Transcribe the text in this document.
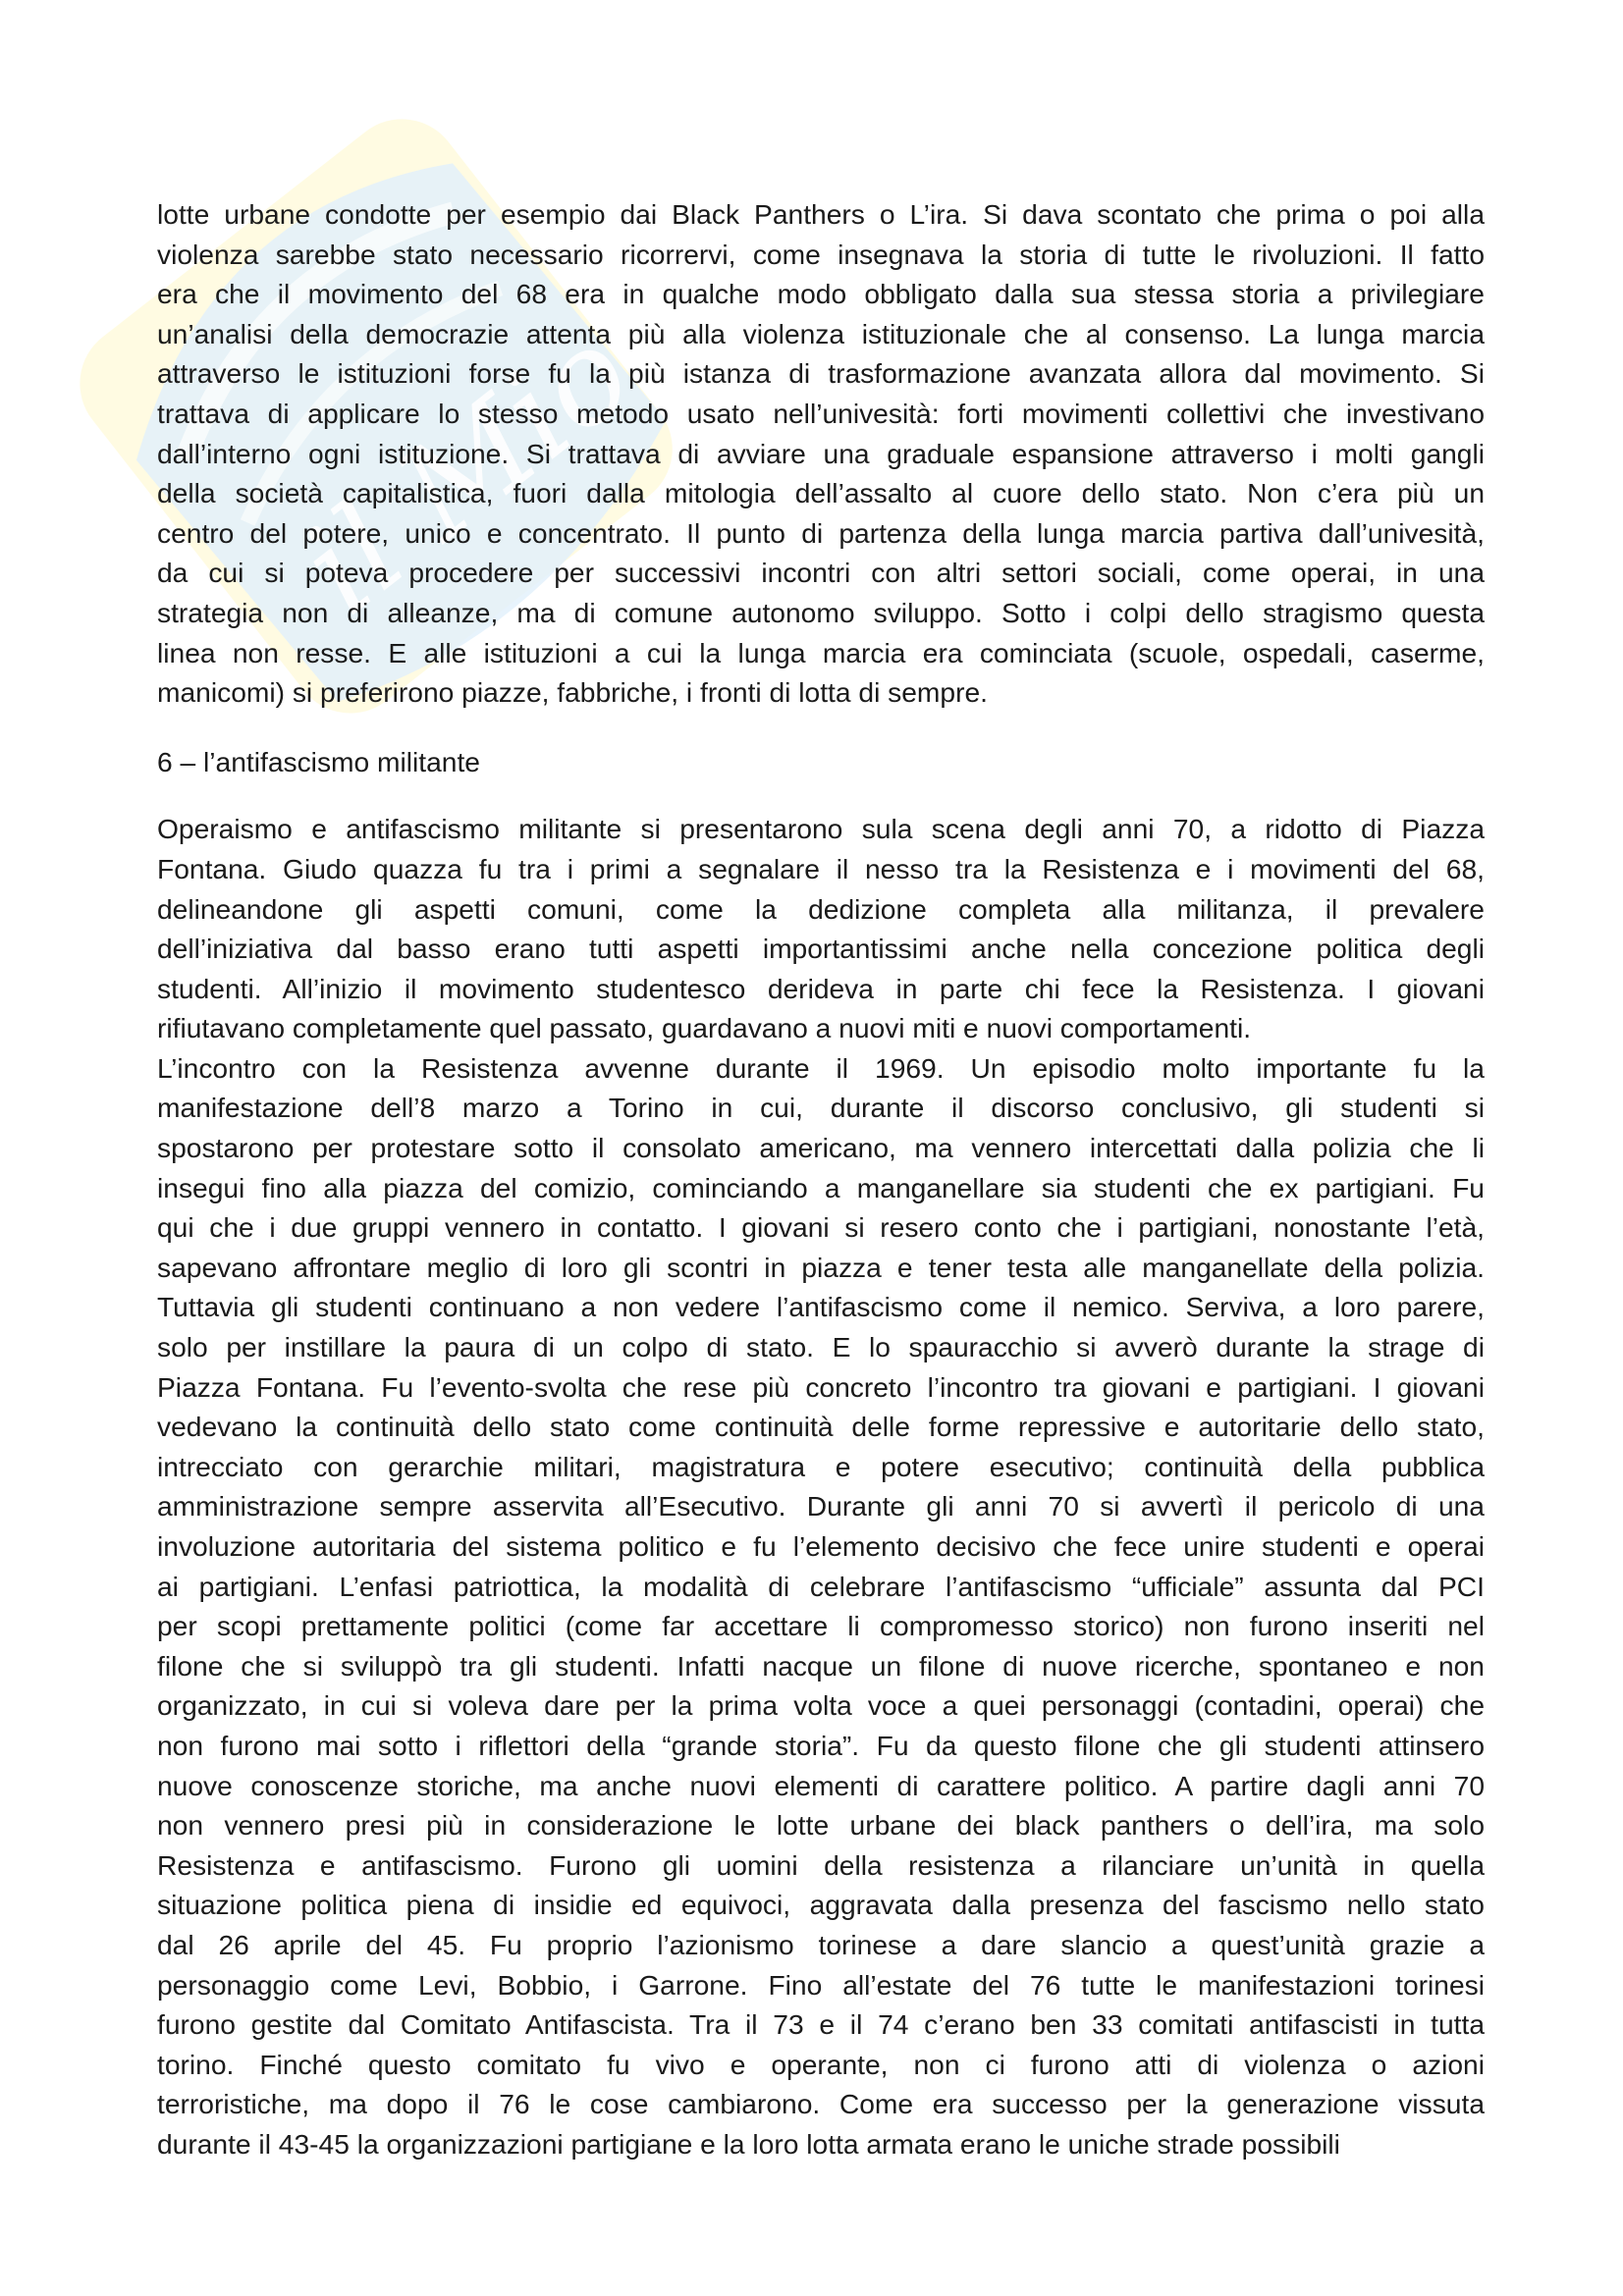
il Mio

lotte urbane condotte per esempio dai Black Panthers o L’ira. Si dava scontato che prima o poi alla
violenza sarebbe stato necessario ricorrervi, come insegnava la storia di tutte le rivoluzioni. Il fatto
era che il movimento del 68 era in qualche modo obbligato dalla sua stessa storia a privilegiare
un’analisi della democrazie attenta più alla violenza istituzionale che al consenso. La lunga marcia
attraverso le istituzioni forse fu la più istanza di trasformazione avanzata allora dal movimento. Si
trattava di applicare lo stesso metodo usato nell’univesità: forti movimenti collettivi che investivano
dall’interno ogni istituzione. Si trattava di avviare una graduale espansione attraverso i molti gangli
della società capitalistica, fuori dalla mitologia dell’assalto al cuore dello stato. Non c’era più un
centro del potere, unico e concentrato. Il punto di partenza della lunga marcia partiva dall’univesità,
da cui si poteva procedere per successivi incontri con altri settori sociali, come operai, in una
strategia non di alleanze, ma di comune autonomo sviluppo. Sotto i colpi dello stragismo questa
linea non resse. E alle istituzioni a cui la lunga marcia era cominciata (scuole, ospedali, caserme,
manicomi) si preferirono piazze, fabbriche, i fronti di lotta di sempre.

6 – l’antifascismo militante

Operaismo e antifascismo militante si presentarono sula scena degli anni 70, a ridotto di Piazza
Fontana. Giudo quazza fu tra i primi a segnalare il nesso tra la Resistenza e i movimenti del 68,
delineandone gli aspetti comuni, come la dedizione completa alla militanza, il prevalere
dell’iniziativa dal basso erano tutti aspetti importantissimi anche nella concezione politica degli
studenti. All’inizio il movimento studentesco derideva in parte chi fece la Resistenza. I giovani
rifiutavano completamente quel passato, guardavano a nuovi miti e nuovi comportamenti.
L’incontro con la Resistenza avvenne durante il 1969. Un episodio molto importante fu la
manifestazione dell’8 marzo a Torino in cui, durante il discorso conclusivo, gli studenti si
spostarono per protestare sotto il consolato americano, ma vennero intercettati dalla polizia che li
insegui fino alla piazza del comizio, cominciando a manganellare sia studenti che ex partigiani. Fu
qui che i due gruppi vennero in contatto. I giovani si resero conto che i partigiani, nonostante l’età,
sapevano affrontare meglio di loro gli scontri in piazza e tener testa alle manganellate della polizia.
Tuttavia gli studenti continuano a non vedere l’antifascismo come il nemico. Serviva, a loro parere,
solo per instillare la paura di un colpo di stato. E lo spauracchio si avverò durante la strage di
Piazza Fontana. Fu l’evento-svolta che rese più concreto l’incontro tra giovani e partigiani. I giovani
vedevano la continuità dello stato come continuità delle forme repressive e autoritarie dello stato,
intrecciato con gerarchie militari, magistratura e potere esecutivo; continuità della pubblica
amministrazione sempre asservita all’Esecutivo. Durante gli anni 70 si avvertì il pericolo di una
involuzione autoritaria del sistema politico e fu l’elemento decisivo che fece unire studenti e operai
ai partigiani. L’enfasi patriottica, la modalità di celebrare l’antifascismo “ufficiale” assunta dal PCI
per scopi prettamente politici (come far accettare li compromesso storico) non furono inseriti nel
filone che si sviluppò tra gli studenti. Infatti nacque un filone di nuove ricerche, spontaneo e non
organizzato, in cui si voleva dare per la prima volta voce a quei personaggi (contadini, operai) che
non furono mai sotto i riflettori della “grande storia”. Fu da questo filone che gli studenti attinsero
nuove conoscenze storiche, ma anche nuovi elementi di carattere politico. A partire dagli anni 70
non vennero presi più in considerazione le lotte urbane dei black panthers o dell’ira, ma solo
Resistenza e antifascismo. Furono gli uomini della resistenza a rilanciare un’unità in quella
situazione politica piena di insidie ed equivoci, aggravata dalla presenza del fascismo nello stato
dal 26 aprile del 45. Fu proprio l’azionismo torinese a dare slancio a quest’unità grazie a
personaggio come Levi, Bobbio, i Garrone. Fino all’estate del 76 tutte le manifestazioni torinesi
furono gestite dal Comitato Antifascista. Tra il 73 e il 74 c’erano ben 33 comitati antifascisti in tutta
torino. Finché questo comitato fu vivo e operante, non ci furono atti di violenza o azioni
terroristiche, ma dopo il 76 le cose cambiarono. Come era successo per la generazione vissuta
durante il 43-45 la organizzazioni partigiane e la loro lotta armata erano le uniche strade possibili
